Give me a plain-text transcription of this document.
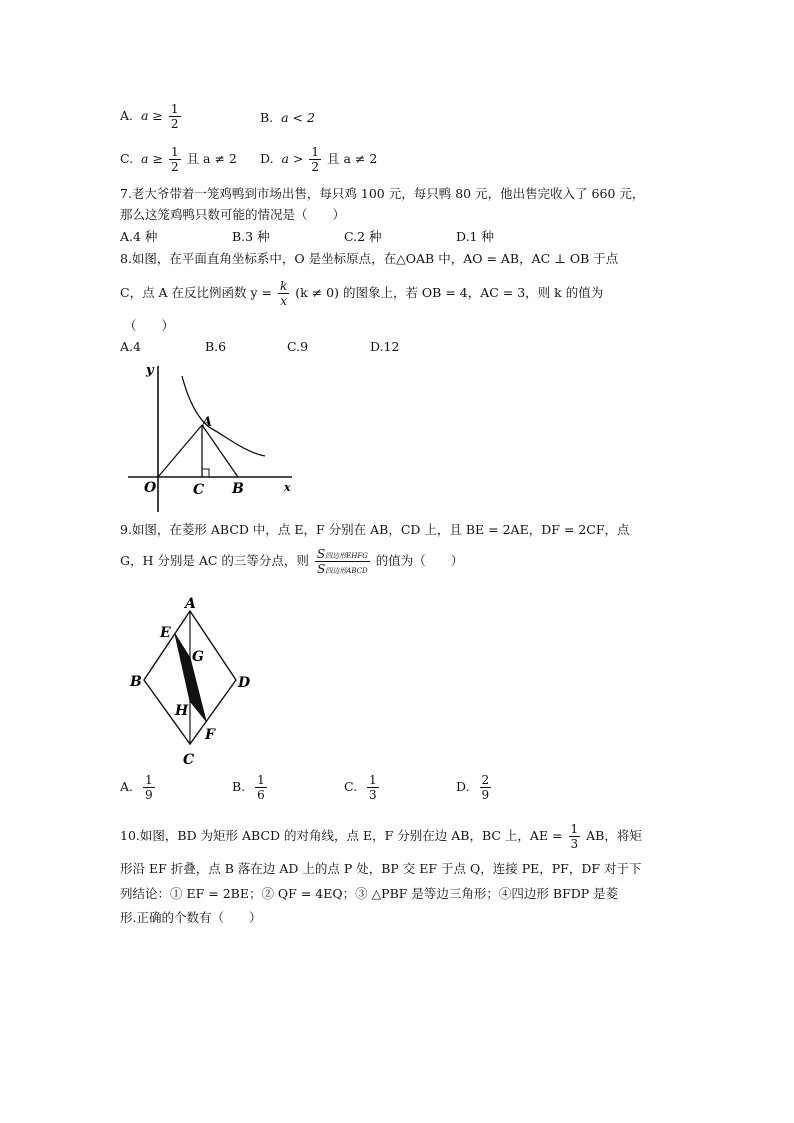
A. $a \ge \frac{1}{2}$	B. a < 2
C. $a \ge \frac{1}{2}$ 且 a ≠ 2 D. $a > \frac{1}{2}$ 且 a ≠ 2
7.老大爷带着一笼鸡鸭到市场出售，每只鸡 100 元，每只鸭 80 元，他出售完收入了 660 元，
那么这笼鸡鸭只数可能的情况是（　　）
A.4 种	B.3 种	C.2 种	D.1 种
8.如图，在平面直角坐标系中，O 是坐标原点，在△OAB 中，AO = AB，AC ⊥ OB 于点
C，点 A 在反比例函数 $y = \frac{k}{x} (k \ne 0)$ 的图象上，若 OB = 4，AC = 3，则 k 的值为
（　　）
A.4	B.6	C.9	D.12
y
x
O
A
C B
9.如图，在菱形 ABCD 中，点 E，F 分别在 AB，CD 上，且 BE = 2AE，DF = 2CF，点
G，H 分别是 AC 的三等分点，则 $\frac{\text{S四边形EHFG}}{\text{S四边形ABCD}}$ 的值为（　　）
A
B
C
D
E
G
H
F
A. $\frac{1}{9}$	B. $\frac{1}{6}$	C. $\frac{1}{3}$	D. $\frac{2}{9}$
10.如图，BD 为矩形 ABCD 的对角线，点 E，F 分别在边 AB，BC 上，AE = $\frac{1}{3}$ AB，将矩
形沿 EF 折叠，点 B 落在边 AD 上的点 P 处，BP 交 EF 于点 Q，连接 PE，PF，DF 对于下
列结论：① EF = 2BE；② QF = 4EQ；③ △PBF 是等边三角形；④四边形 BFDP 是菱
形.正确的个数有（　　）
